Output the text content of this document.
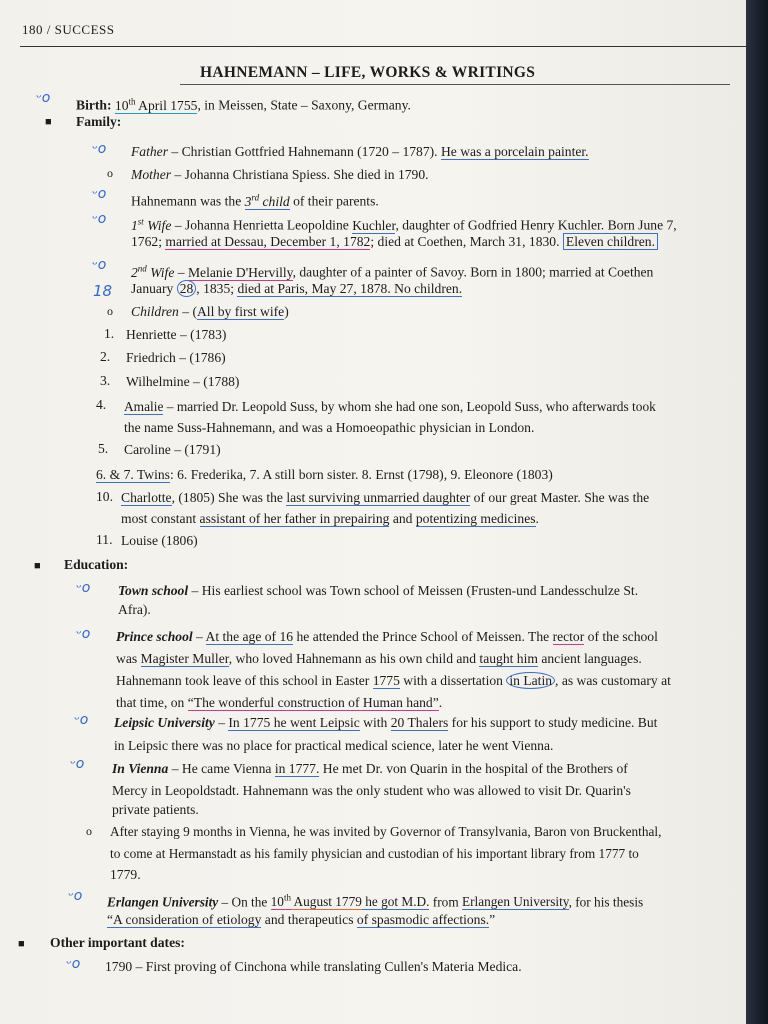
180 / SUCCESS
HAHNEMANN – LIFE, WORKS & WRITINGS
ᵕo Birth: 10th April 1755, in Meissen, State – Saxony, Germany.
■ Family:
ᵕo Father – Christian Gottfried Hahnemann (1720 – 1787). He was a porcelain painter.
o Mother – Johanna Christiana Spiess. She died in 1790.
ᵕo Hahnemann was the 3rd child of their parents.
ᵕo 1st Wife – Johanna Henrietta Leopoldine Kuchler, daughter of Godfried Henry Kuchler. Born June 7,
1762; married at Dessau, December 1, 1782; died at Coethen, March 31, 1830. Eleven children.
ᵕo 2nd Wife – Melanie D'Hervilly, daughter of a painter of Savoy. Born in 1800; married at Coethen
18 January 28 , 1835; died at Paris, May 27, 1878. No children.
o Children – (All by first wife)
1. Henriette – (1783)
2. Friedrich – (1786)
3. Wilhelmine – (1788)
4. Amalie – married Dr. Leopold Suss, by whom she had one son, Leopold Suss, who afterwards took
the name Suss-Hahnemann, and was a Homoeopathic physician in London.
5. Caroline – (1791)
6. & 7. Twins: 6. Frederika, 7. A still born sister. 8. Ernst (1798), 9. Eleonore (1803)
10. Charlotte, (1805) She was the last surviving unmarried daughter of our great Master. She was the
most constant assistant of her father in prepairing and potentizing medicines.
11. Louise (1806)
■ Education:
ᵕo Town school – His earliest school was Town school of Meissen (Frusten-und Landesschulze St.
Afra).
ᵕo Prince school – At the age of 16 he attended the Prince School of Meissen. The rector of the school
was Magister Muller, who loved Hahnemann as his own child and taught him ancient languages.
Hahnemann took leave of this school in Easter 1775 with a dissertation in Latin , as was customary at
that time, on “The wonderful construction of Human hand”.
ᵕo Leipsic University – In 1775 he went Leipsic with 20 Thalers for his support to study medicine. But
in Leipsic there was no place for practical medical science, later he went Vienna.
ᵕo In Vienna – He came Vienna in 1777. He met Dr. von Quarin in the hospital of the Brothers of
Mercy in Leopoldstadt. Hahnemann was the only student who was allowed to visit Dr. Quarin's
private patients.
o After staying 9 months in Vienna, he was invited by Governor of Transylvania, Baron von Bruckenthal,
to come at Hermanstadt as his family physician and custodian of his important library from 1777 to
1779.
ᵕo Erlangen University – On the 10th August 1779 he got M.D. from Erlangen University, for his thesis
“A consideration of etiology and therapeutics of spasmodic affections.”
■ Other important dates:
ᵕo 1790 – First proving of Cinchona while translating Cullen's Materia Medica.
